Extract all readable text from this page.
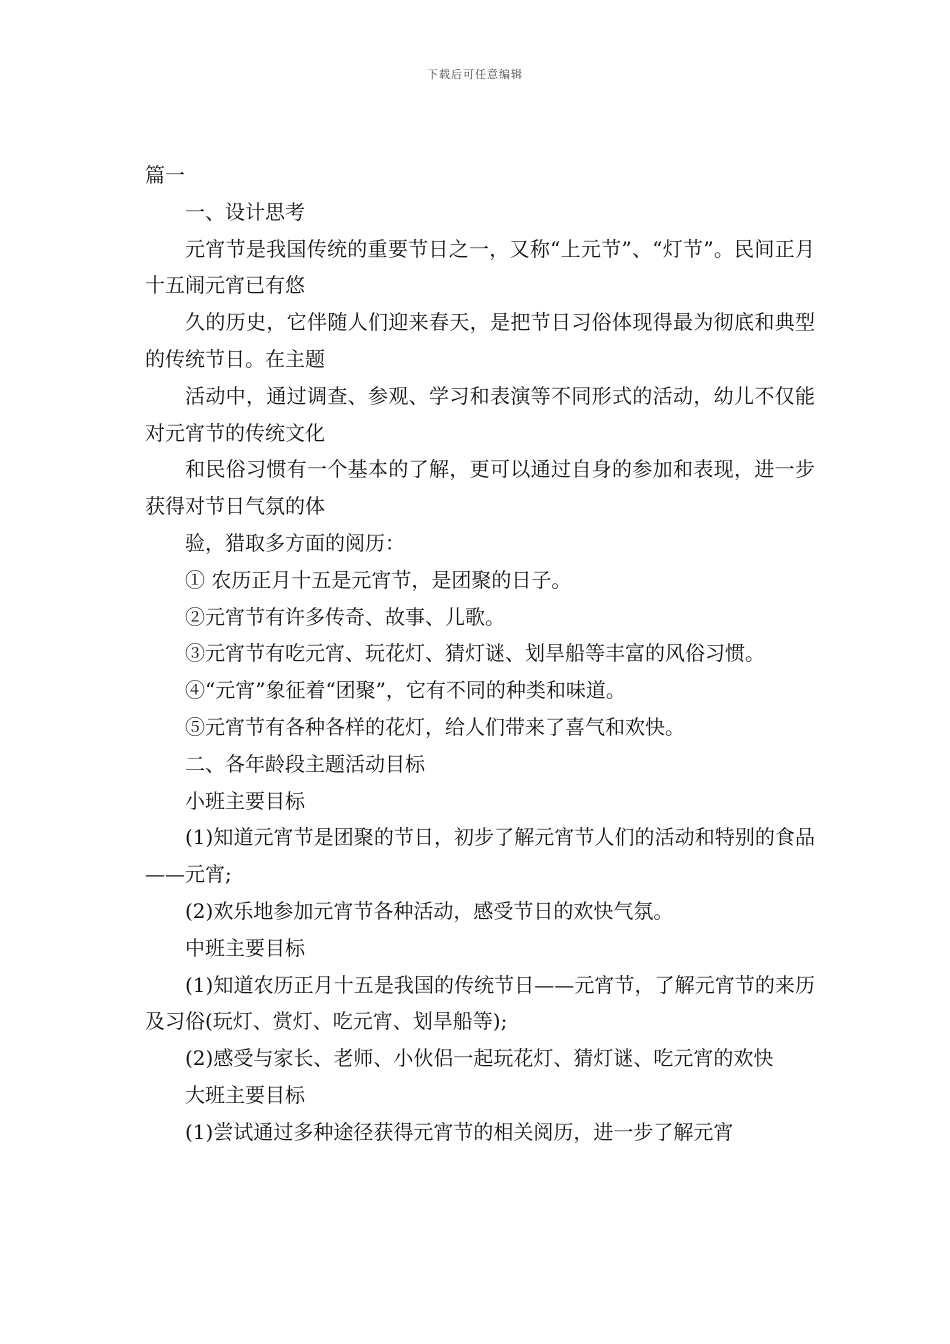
下载后可任意编辑

篇一

一、设计思考

元宵节是我国传统的重要节日之一，又称“上元节”、“灯节”。民间正月十五闹元宵已有悠

久的历史，它伴随人们迎来春天，是把节日习俗体现得最为彻底和典型的传统节日。在主题

活动中，通过调查、参观、学习和表演等不同形式的活动，幼儿不仅能对元宵节的传统文化

和民俗习惯有一个基本的了解，更可以通过自身的参加和表现，进一步获得对节日气氛的体

验，猎取多方面的阅历：

① 农历正月十五是元宵节，是团聚的日子。

②元宵节有许多传奇、故事、儿歌。

③元宵节有吃元宵、玩花灯、猜灯谜、划旱船等丰富的风俗习惯。

④“元宵”象征着“团聚”，它有不同的种类和味道。

⑤元宵节有各种各样的花灯，给人们带来了喜气和欢快。

二、各年龄段主题活动目标

小班主要目标

(1)知道元宵节是团聚的节日，初步了解元宵节人们的活动和特别的食品——元宵;

(2)欢乐地参加元宵节各种活动，感受节日的欢快气氛。

中班主要目标

(1)知道农历正月十五是我国的传统节日——元宵节，了解元宵节的来历及习俗(玩灯、赏灯、吃元宵、划旱船等);

(2)感受与家长、老师、小伙侣一起玩花灯、猜灯谜、吃元宵的欢快

大班主要目标

(1)尝试通过多种途径获得元宵节的相关阅历，进一步了解元宵
